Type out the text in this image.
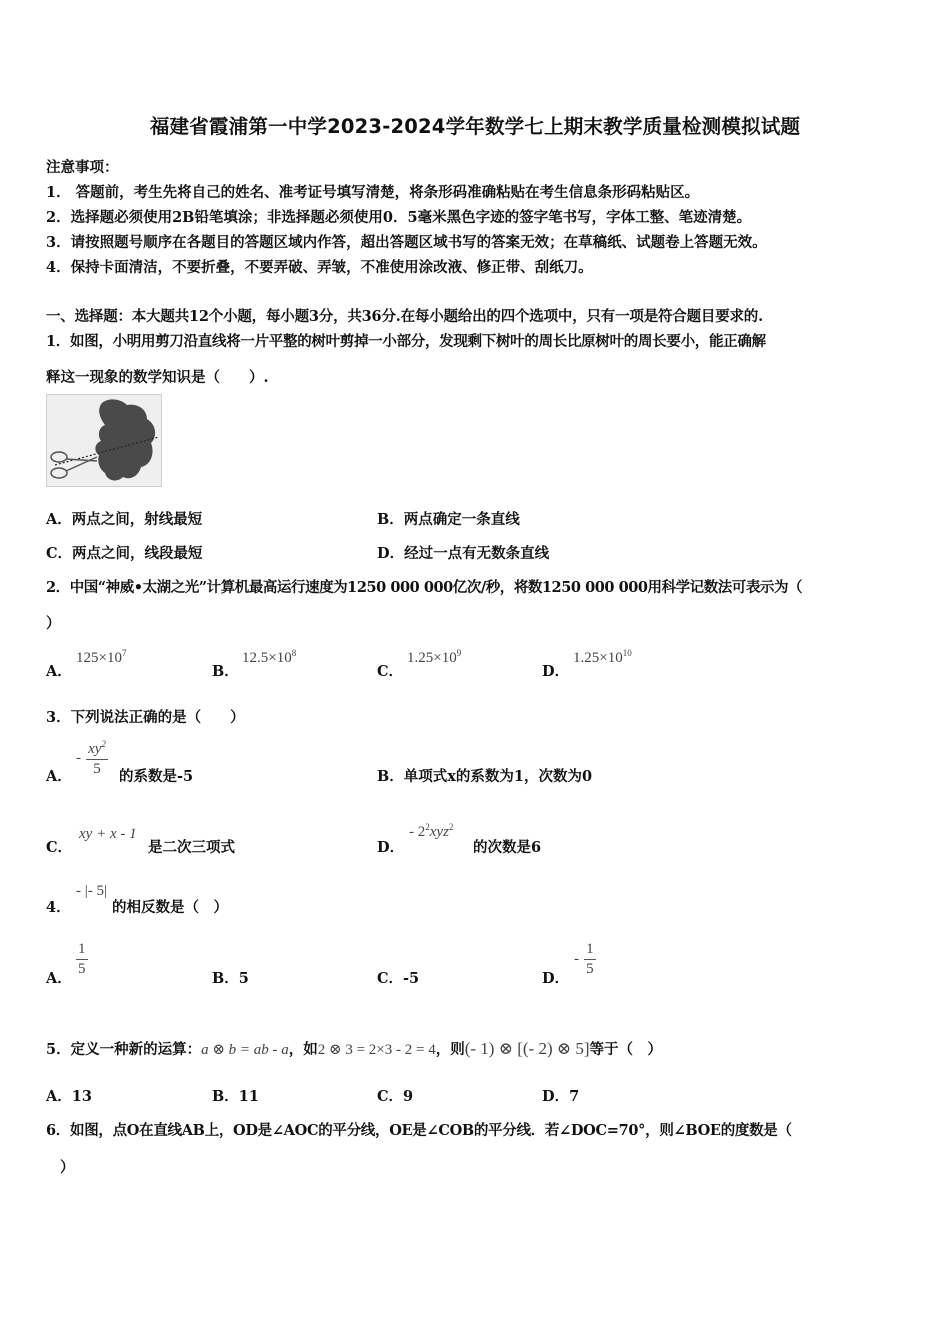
福建省霞浦第一中学2023-2024学年数学七上期末教学质量检测模拟试题
注意事项：
1． 答题前，考生先将自己的姓名、准考证号填写清楚，将条形码准确粘贴在考生信息条形码粘贴区。
2．选择题必须使用2B铅笔填涂；非选择题必须使用0．5毫米黑色字迹的签字笔书写，字体工整、笔迹清楚。
3．请按照题号顺序在各题目的答题区域内作答，超出答题区域书写的答案无效；在草稿纸、试题卷上答题无效。
4．保持卡面清洁，不要折叠，不要弄破、弄皱，不准使用涂改液、修正带、刮纸刀。
一、选择题：本大题共12个小题，每小题3分，共36分.在每小题给出的四个选项中，只有一项是符合题目要求的.
1．如图，小明用剪刀沿直线将一片平整的树叶剪掉一小部分，发现剩下树叶的周长比原树叶的周长要小，能正确解
释这一现象的数学知识是（　　）.
A．两点之间，射线最短	B．两点确定一条直线
C．两点之间，线段最短	D．经过一点有无数条直线
2．中国“神威•太湖之光”计算机最高运行速度为1250 000 000亿次/秒，将数1250 000 000用科学记数法可表示为（
）
A．
$125\times 10^7$
B．
$12.5\times 10^8$
C．
$1.25\times 10^9$
D．
$1.25\times 10^{10}$
3．下列说法正确的是（　　）
A．
- $\frac{xy^2}{5}$ 的系数是-5	B．单项式x的系数为1，次数为0
C．
xy + x - 1
是二次三项式	D．
- $2^2xyz^2$
的次数是6
4．
- |- 5|
的相反数是（　）
A．
$\frac{1}{5}$
B．5	C．-5	D．
- $\frac{1}{5}$
5．定义一种新的运算：a ⊗ b = ab - a，如2 ⊗ 3 = 2×3 - 2 = 4，则(- 1) ⊗ [(- 2) ⊗ 5]等于（　）
A．13	B．11	C．9	D．7
6．如图，点O在直线AB上，OD是∠AOC的平分线，OE是∠COB的平分线．若∠DOC=70°，则∠BOE的度数是（
）
